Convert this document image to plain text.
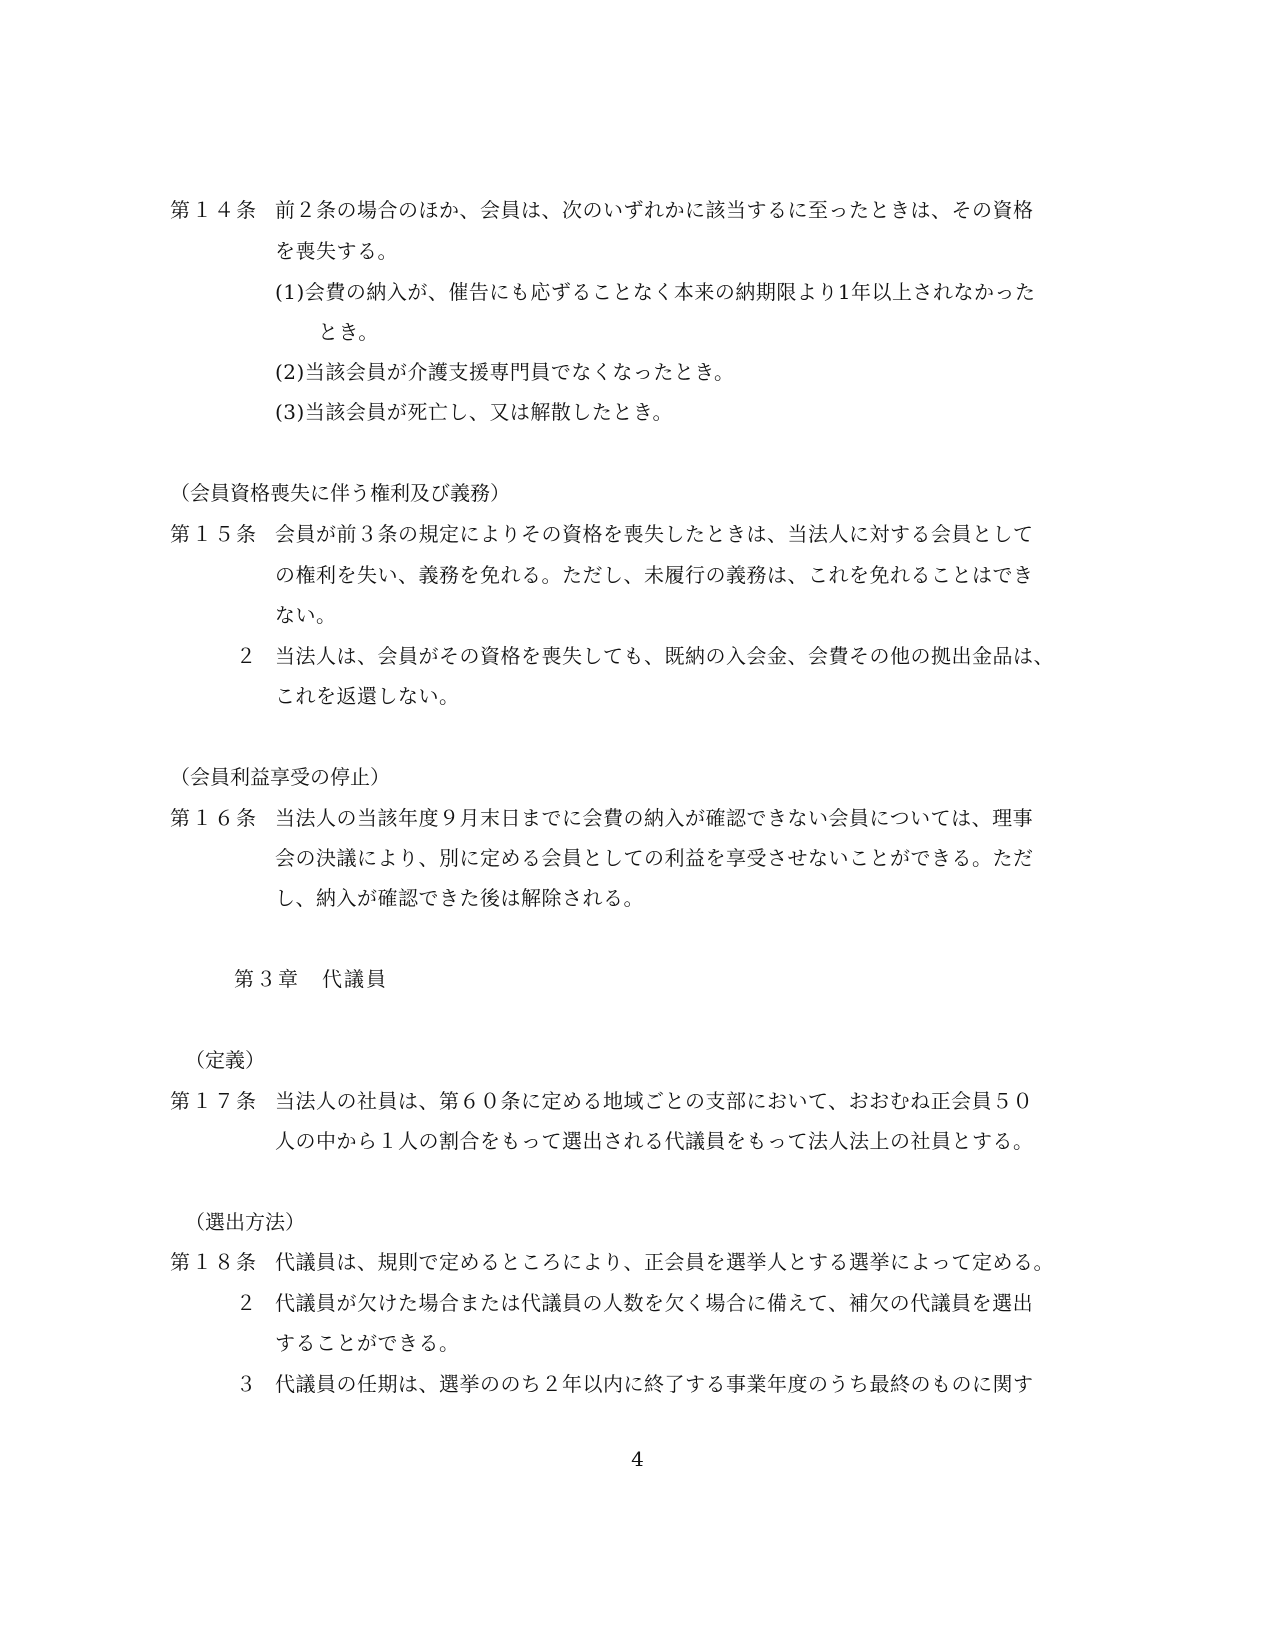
第１４条 前２条の場合のほか、会員は、次のいずれかに該当するに至ったときは、その資格
を喪失する。
(1)会費の納入が、催告にも応ずることなく本来の納期限より1年以上されなかった
とき。
(2)当該会員が介護支援専門員でなくなったとき。
(3)当該会員が死亡し、又は解散したとき。
（会員資格喪失に伴う権利及び義務）
第１５条 会員が前３条の規定によりその資格を喪失したときは、当法人に対する会員として
の権利を失い、義務を免れる。ただし、未履行の義務は、これを免れることはでき
ない。
２ 当法人は、会員がその資格を喪失しても、既納の入会金、会費その他の拠出金品は、
これを返還しない。
（会員利益享受の停止）
第１６条 当法人の当該年度９月末日までに会費の納入が確認できない会員については、理事
会の決議により、別に定める会員としての利益を享受させないことができる。ただ
し、納入が確認できた後は解除される。
第３章　代議員
（定義）
第１７条 当法人の社員は、第６０条に定める地域ごとの支部において、おおむね正会員５０
人の中から１人の割合をもって選出される代議員をもって法人法上の社員とする。
（選出方法）
第１８条 代議員は、規則で定めるところにより、正会員を選挙人とする選挙によって定める。
２ 代議員が欠けた場合または代議員の人数を欠く場合に備えて、補欠の代議員を選出
することができる。
３ 代議員の任期は、選挙ののち２年以内に終了する事業年度のうち最終のものに関す
4
